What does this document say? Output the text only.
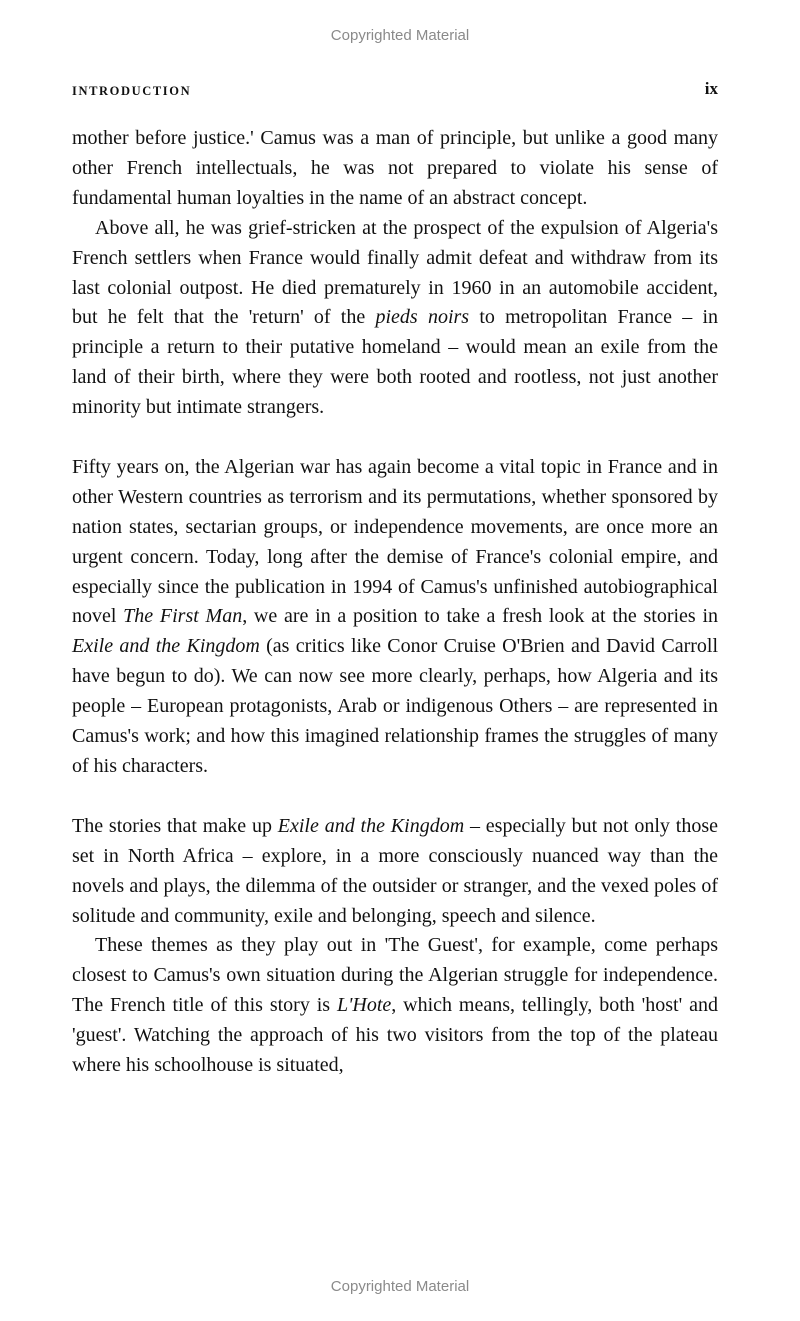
Copyrighted Material
INTRODUCTION	ix

mother before justice.' Camus was a man of principle, but unlike a good many other French intellectuals, he was not prepared to violate his sense of fundamental human loyalties in the name of an abstract concept.

Above all, he was grief-stricken at the prospect of the expulsion of Algeria's French settlers when France would finally admit defeat and withdraw from its last colonial outpost. He died prematurely in 1960 in an automobile accident, but he felt that the 'return' of the pieds noirs to metropolitan France – in principle a return to their putative homeland – would mean an exile from the land of their birth, where they were both rooted and rootless, not just another minority but intimate strangers.

Fifty years on, the Algerian war has again become a vital topic in France and in other Western countries as terrorism and its permutations, whether sponsored by nation states, sectarian groups, or independence movements, are once more an urgent concern. Today, long after the demise of France's colonial empire, and especially since the publication in 1994 of Camus's unfinished autobiographical novel The First Man, we are in a position to take a fresh look at the stories in Exile and the Kingdom (as critics like Conor Cruise O'Brien and David Carroll have begun to do). We can now see more clearly, perhaps, how Algeria and its people – European protagonists, Arab or indigenous Others – are represented in Camus's work; and how this imagined relationship frames the struggles of many of his characters.

The stories that make up Exile and the Kingdom – especially but not only those set in North Africa – explore, in a more consciously nuanced way than the novels and plays, the dilemma of the outsider or stranger, and the vexed poles of solitude and community, exile and belonging, speech and silence.

These themes as they play out in 'The Guest', for example, come perhaps closest to Camus's own situation during the Algerian struggle for independence. The French title of this story is L'Hote, which means, tellingly, both 'host' and 'guest'. Watching the approach of his two visitors from the top of the plateau where his schoolhouse is situated,

Copyrighted Material
